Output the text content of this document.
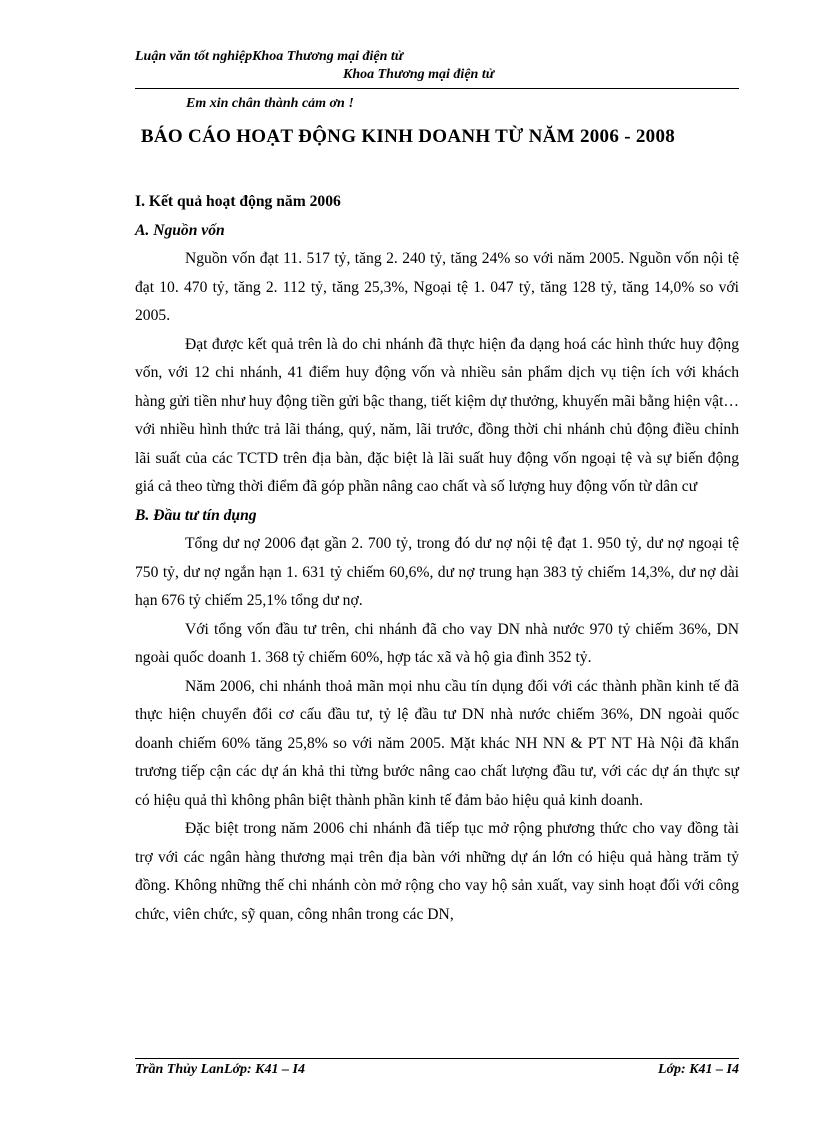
Luận văn tốt nghiệpKhoa Thương mại điện tử
Khoa Thương mại điện tử
Em xin chân thành cảm ơn !
BÁO CÁO HOẠT ĐỘNG KINH DOANH TỪ NĂM 2006 - 2008

I. Kết quả hoạt động năm 2006

A. Nguồn vốn

Nguồn vốn đạt 11. 517 tỷ, tăng 2. 240 tỷ, tăng 24% so với năm 2005. Nguồn vốn nội tệ đạt 10. 470 tỷ, tăng 2. 112 tỷ, tăng 25,3%, Ngoại tệ 1. 047 tỷ, tăng 128 tỷ, tăng 14,0% so với 2005.

Đạt được kết quả trên là do chi nhánh đã thực hiện đa dạng hoá các hình thức huy động vốn, với 12 chi nhánh, 41 điểm huy động vốn và nhiều sản phẩm dịch vụ tiện ích với khách hàng gửi tiền như huy động tiền gửi bậc thang, tiết kiệm dự thưởng, khuyến mãi bằng hiện vật…với nhiều hình thức trả lãi tháng, quý, năm, lãi trước, đồng thời chi nhánh chủ động điều chỉnh lãi suất của các TCTD trên địa bàn, đặc biệt là lãi suất huy động vốn ngoại tệ và sự biến động giá cả theo từng thời điểm đã góp phần nâng cao chất và số lượng huy động vốn từ dân cư

B. Đầu tư tín dụng

Tổng dư nợ 2006 đạt gần 2. 700 tỷ, trong đó dư nợ nội tệ đạt 1. 950 tỷ, dư nợ ngoại tệ 750 tỷ, dư nợ ngắn hạn 1. 631 tỷ chiếm 60,6%, dư nợ trung hạn 383 tỷ chiếm 14,3%, dư nợ dài hạn 676 tỷ chiếm 25,1% tổng dư nợ.

Với tổng vốn đầu tư trên, chi nhánh đã cho vay DN nhà nước 970 tỷ chiếm 36%, DN ngoài quốc doanh 1. 368 tỷ chiếm 60%, hợp tác xã và hộ gia đình 352 tỷ.

Năm 2006, chi nhánh thoả mãn mọi nhu cầu tín dụng đối với các thành phần kinh tế đã thực hiện chuyển đổi cơ cấu đầu tư, tỷ lệ đầu tư DN nhà nước chiếm 36%, DN ngoài quốc doanh chiếm 60% tăng 25,8% so với năm 2005. Mặt khác NH NN & PT NT Hà Nội đã khẩn trương tiếp cận các dự án khả thi từng bước nâng cao chất lượng đầu tư, với các dự án thực sự có hiệu quả thì không phân biệt thành phần kinh tế đảm bảo hiệu quả kinh doanh.

Đặc biệt trong năm 2006 chi nhánh đã tiếp tục mở rộng phương thức cho vay đồng tài trợ với các ngân hàng thương mại trên địa bàn với những dự án lớn có hiệu quả hàng trăm tỷ đồng. Không những thế chi nhánh còn mở rộng cho vay hộ sản xuất, vay sinh hoạt đối với công chức, viên chức, sỹ quan, công nhân trong các DN,

Trần Thủy LanLớp: K41 – I4	Lớp: K41 – I4
